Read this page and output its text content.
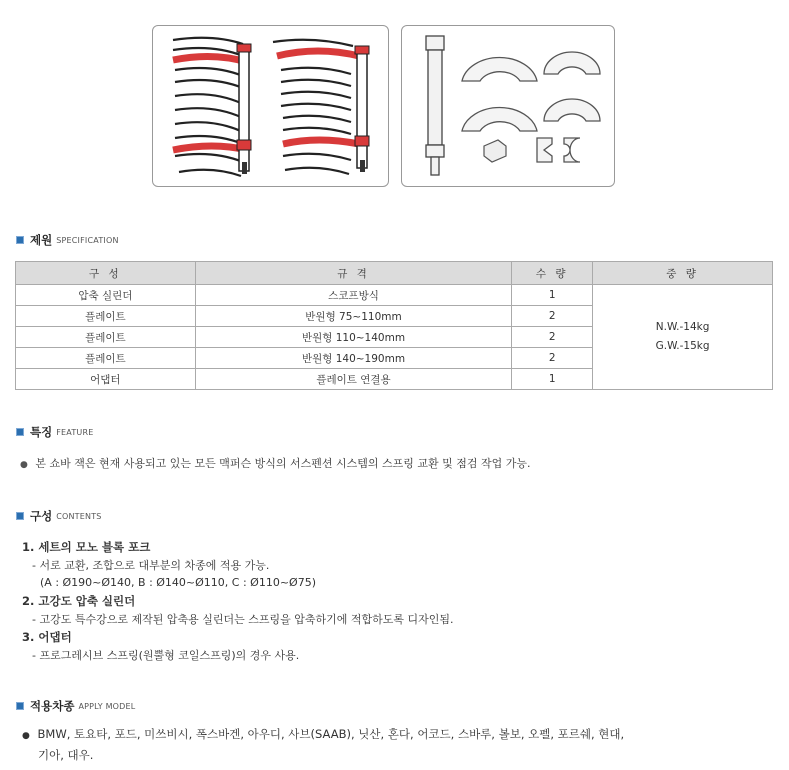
제원 SPECIFICATION
구 성	규 격	수 량	중 량
압축 실린더	스코프방식	1	N.W.-14kg
G.W.-15kg

플레이트	반원형 75~110mm	2	
플레이트	반원형 110~140mm	2	
플레이트	반원형 140~190mm	2	
어댑터	플레이트 연결용	1	
특징 FEATURE
● 본 쇼바 잭은 현재 사용되고 있는 모든 맥퍼슨 방식의 서스펜션 시스템의 스프링 교환 및 점검 작업 가능.
구성 CONTENTS
1. 세트의 모노 블록 포크
- 서로 교환, 조합으로 대부분의 차종에 적용 가능.
(A : Ø190~Ø140, B : Ø140~Ø110, C : Ø110~Ø75)
2. 고강도 압축 실린더
- 고강도 특수강으로 제작된 압축용 실린더는 스프링을 압축하기에 적합하도록 디자인됨.
3. 어댑터
- 프로그레시브 스프링(원뿔형 코일스프링)의 경우 사용.
적용차종 APPLY MODEL
● BMW, 토요타, 포드, 미쓰비시, 폭스바겐, 아우디, 사브(SAAB), 닛산, 혼다, 어코드, 스바루, 볼보, 오펠, 포르쉐, 현대,
기아, 대우.
